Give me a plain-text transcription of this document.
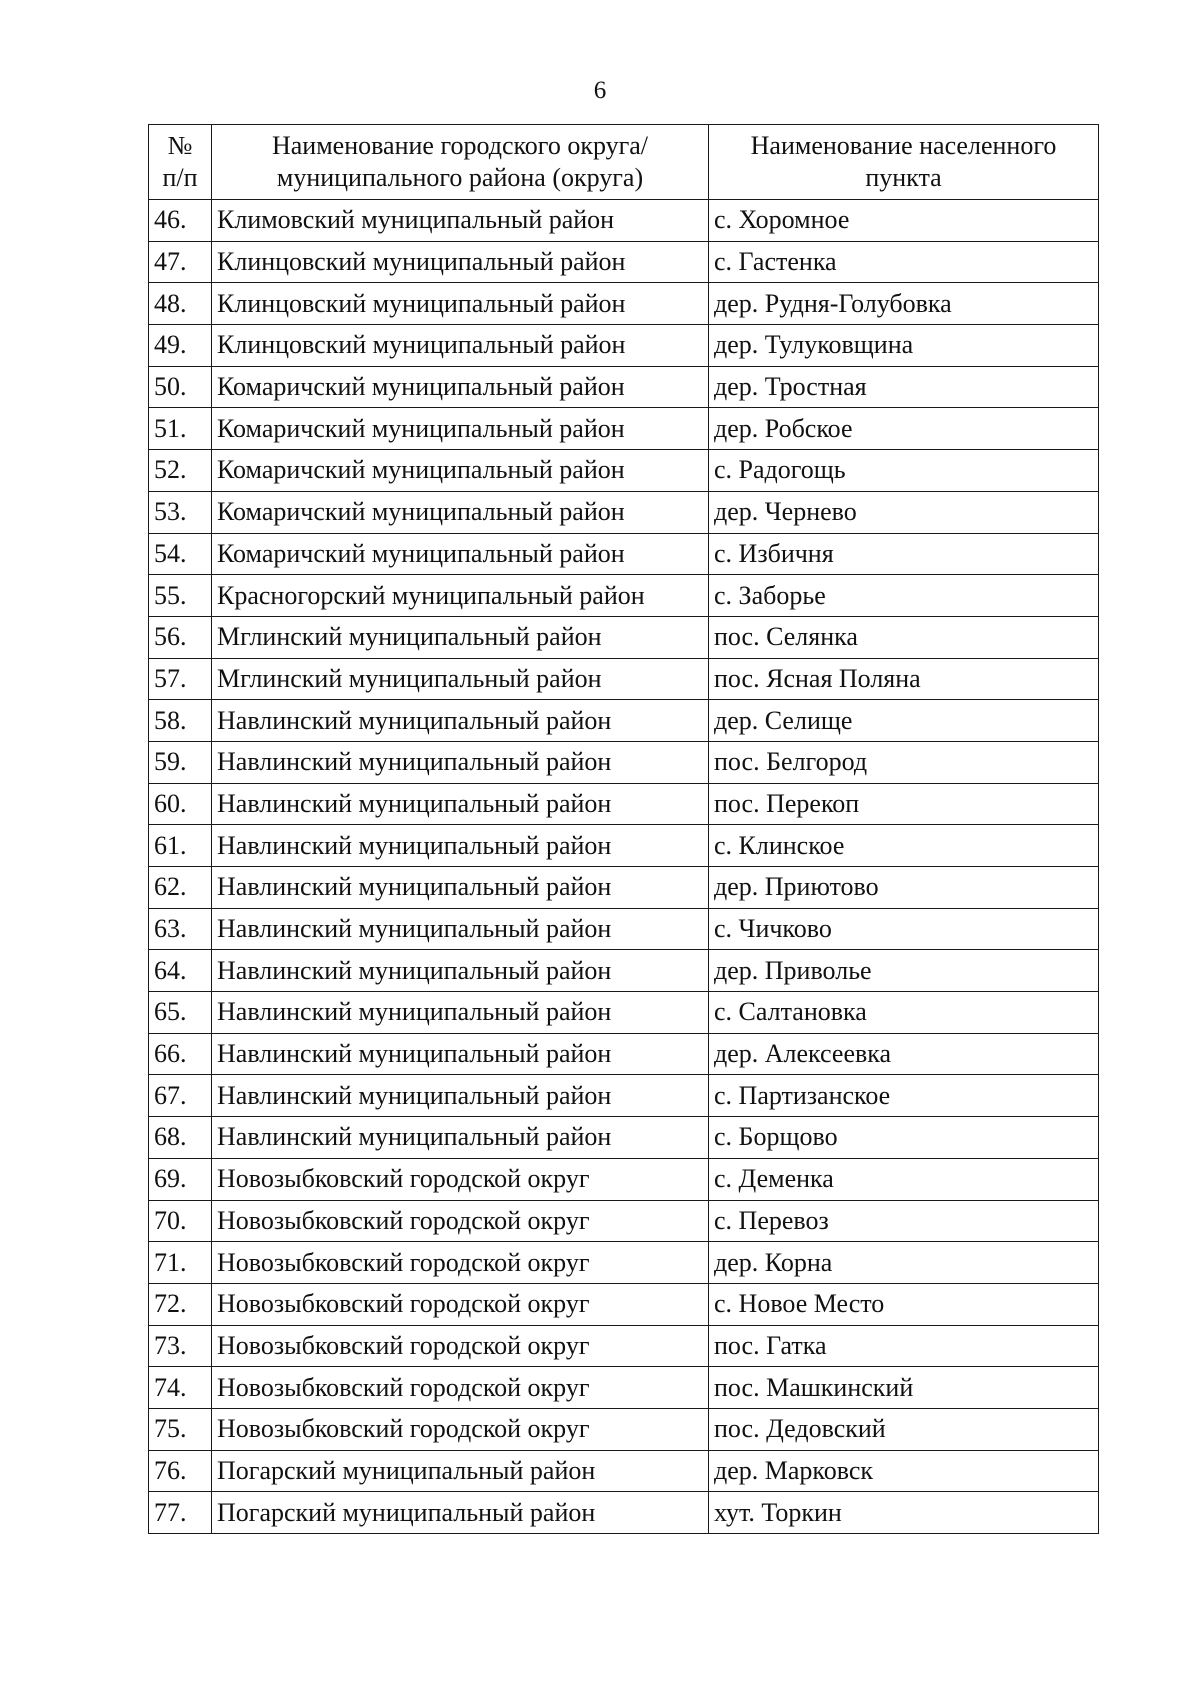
6
№ п/п	Наименование городского округа/ муниципального района (округа)	Наименование населенного пункта
46.	Климовский муниципальный район	с. Хоромное
47.	Клинцовский муниципальный район	с. Гастенка
48.	Клинцовский муниципальный район	дер. Рудня-Голубовка
49.	Клинцовский муниципальный район	дер. Тулуковщина
50.	Комаричский муниципальный район	дер. Тростная
51.	Комаричский муниципальный район	дер. Робское
52.	Комаричский муниципальный район	с. Радогощь
53.	Комаричский муниципальный район	дер. Чернево
54.	Комаричский муниципальный район	с. Избичня
55.	Красногорский муниципальный район	с. Заборье
56.	Мглинский муниципальный район	пос. Селянка
57.	Мглинский муниципальный район	пос. Ясная Поляна
58.	Навлинский муниципальный район	дер. Селище
59.	Навлинский муниципальный район	пос. Белгород
60.	Навлинский муниципальный район	пос. Перекоп
61.	Навлинский муниципальный район	с. Клинское
62.	Навлинский муниципальный район	дер. Приютово
63.	Навлинский муниципальный район	с. Чичково
64.	Навлинский муниципальный район	дер. Приволье
65.	Навлинский муниципальный район	с. Салтановка
66.	Навлинский муниципальный район	дер. Алексеевка
67.	Навлинский муниципальный район	с. Партизанское
68.	Навлинский муниципальный район	с. Борщово
69.	Новозыбковский городской округ	с. Деменка
70.	Новозыбковский городской округ	с. Перевоз
71.	Новозыбковский городской округ	дер. Корна
72.	Новозыбковский городской округ	с. Новое Место
73.	Новозыбковский городской округ	пос. Гатка
74.	Новозыбковский городской округ	пос. Машкинский
75.	Новозыбковский городской округ	пос. Дедовский
76.	Погарский муниципальный район	дер. Марковск
77.	Погарский муниципальный район	хут. Торкин
